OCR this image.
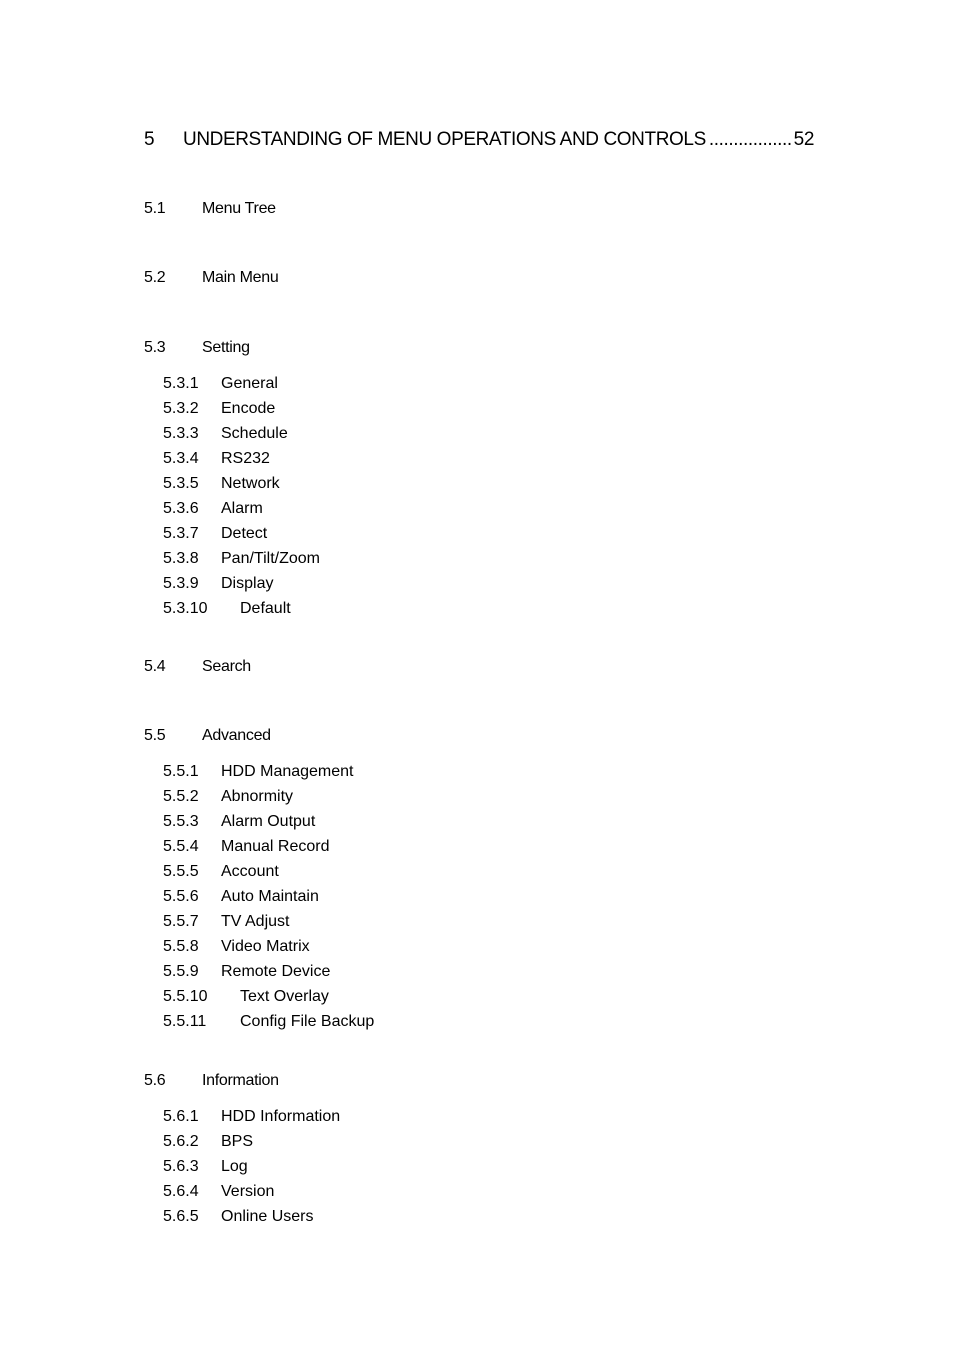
5	UNDERSTANDING OF MENU OPERATIONS AND CONTROLS
.....	52
5.1 Menu Tree
5.2 Main Menu
5.3 Setting
5.3.1 General
5.3.2 Encode
5.3.3 Schedule
5.3.4 RS232
5.3.5 Network
5.3.6 Alarm
5.3.7 Detect
5.3.8 Pan/Tilt/Zoom
5.3.9 Display
5.3.10 Default
5.4 Search
5.5 Advanced
5.5.1 HDD Management
5.5.2 Abnormity
5.5.3 Alarm Output
5.5.4 Manual Record
5.5.5 Account
5.5.6 Auto Maintain
5.5.7 TV Adjust
5.5.8 Video Matrix
5.5.9 Remote Device
5.5.10 Text Overlay
5.5.11 Config File Backup
5.6 Information
5.6.1 HDD Information
5.6.2 BPS
5.6.3 Log
5.6.4 Version
5.6.5 Online Users
